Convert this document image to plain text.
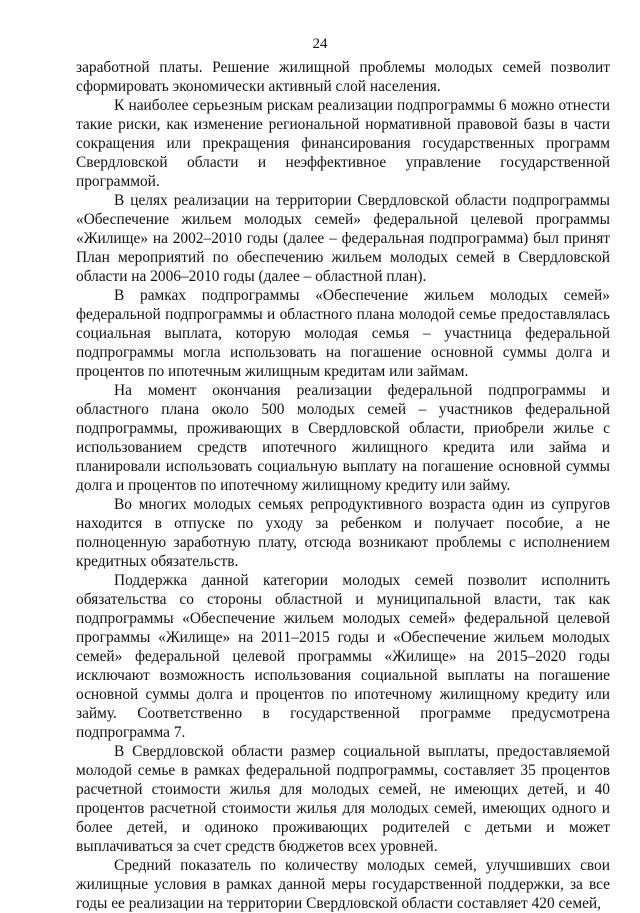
24

заработной платы. Решение жилищной проблемы молодых семей позволит сформировать экономически активный слой населения.

К наиболее серьезным рискам реализации подпрограммы 6 можно отнести такие риски, как изменение региональной нормативной правовой базы в части сокращения или прекращения финансирования государственных программ Свердловской области и неэффективное управление государственной программой.

В целях реализации на территории Свердловской области подпрограммы «Обеспечение жильем молодых семей» федеральной целевой программы «Жилище» на 2002–2010 годы (далее – федеральная подпрограмма) был принят План мероприятий по обеспечению жильем молодых семей в Свердловской области на 2006–2010 годы (далее – областной план).

В рамках подпрограммы «Обеспечение жильем молодых семей» федеральной подпрограммы и областного плана молодой семье предоставлялась социальная выплата, которую молодая семья – участница федеральной подпрограммы могла использовать на погашение основной суммы долга и процентов по ипотечным жилищным кредитам или займам.

На момент окончания реализации федеральной подпрограммы и областного плана около 500 молодых семей – участников федеральной подпрограммы, проживающих в Свердловской области, приобрели жилье с использованием средств ипотечного жилищного кредита или займа и планировали использовать социальную выплату на погашение основной суммы долга и процентов по ипотечному жилищному кредиту или займу.

Во многих молодых семьях репродуктивного возраста один из супругов находится в отпуске по уходу за ребенком и получает пособие, а не полноценную заработную плату, отсюда возникают проблемы с исполнением кредитных обязательств.

Поддержка данной категории молодых семей позволит исполнить обязательства со стороны областной и муниципальной власти, так как подпрограммы «Обеспечение жильем молодых семей» федеральной целевой программы «Жилище» на 2011–2015 годы и «Обеспечение жильем молодых семей» федеральной целевой программы «Жилище» на 2015–2020 годы исключают возможность использования социальной выплаты на погашение основной суммы долга и процентов по ипотечному жилищному кредиту или займу. Соответственно в государственной программе предусмотрена подпрограмма 7.

В Свердловской области размер социальной выплаты, предоставляемой молодой семье в рамках федеральной подпрограммы, составляет 35 процентов расчетной стоимости жилья для молодых семей, не имеющих детей, и 40 процентов расчетной стоимости жилья для молодых семей, имеющих одного и более детей, и одиноко проживающих родителей с детьми и может выплачиваться за счет средств бюджетов всех уровней.

Средний показатель по количеству молодых семей, улучшивших свои жилищные условия в рамках данной меры государственной поддержки, за все годы ее реализации на территории Свердловской области составляет 420 семей,
